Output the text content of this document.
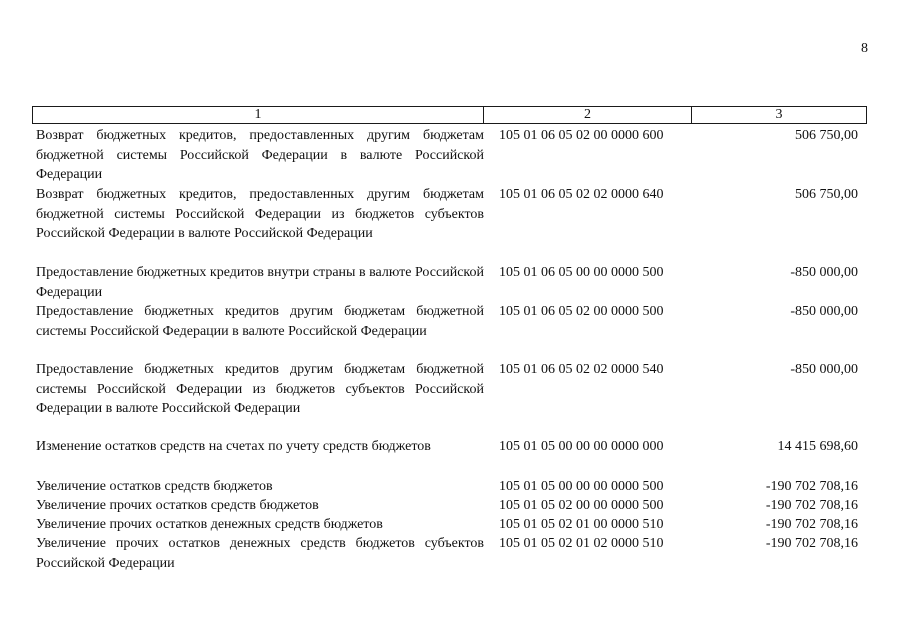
8
1	2	3
Возврат бюджетных кредитов, предоставленных другим бюджетам бюджетной системы Российской Федерации в валюте Российской Федерации
105 01 06 05 02 00 0000 600	506 750,00
Возврат бюджетных кредитов, предоставленных другим бюджетам бюджетной системы Российской Федерации из бюджетов субъектов Российской Федерации в валюте Российской Федерации
105 01 06 05 02 02 0000 640	506 750,00
Предоставление бюджетных кредитов внутри страны в валюте Российской Федерации
105 01 06 05 00 00 0000 500	-850 000,00
Предоставление бюджетных кредитов другим бюджетам бюджетной системы Российской Федерации в валюте Российской Федерации
105 01 06 05 02 00 0000 500	-850 000,00
Предоставление бюджетных кредитов другим бюджетам бюджетной системы Российской Федерации из бюджетов субъектов Российской Федерации в валюте Российской Федерации
105 01 06 05 02 02 0000 540	-850 000,00
Изменение остатков средств на счетах по учету средств бюджетов	105 01 05 00 00 00 0000 000	14 415 698,60
Увеличение остатков средств бюджетов	105 01 05 00 00 00 0000 500	-190 702 708,16
Увеличение прочих остатков средств бюджетов	105 01 05 02 00 00 0000 500	-190 702 708,16
Увеличение прочих остатков денежных средств бюджетов	105 01 05 02 01 00 0000 510	-190 702 708,16
Увеличение прочих остатков денежных средств бюджетов субъектов Российской Федерации
105 01 05 02 01 02 0000 510	-190 702 708,16
